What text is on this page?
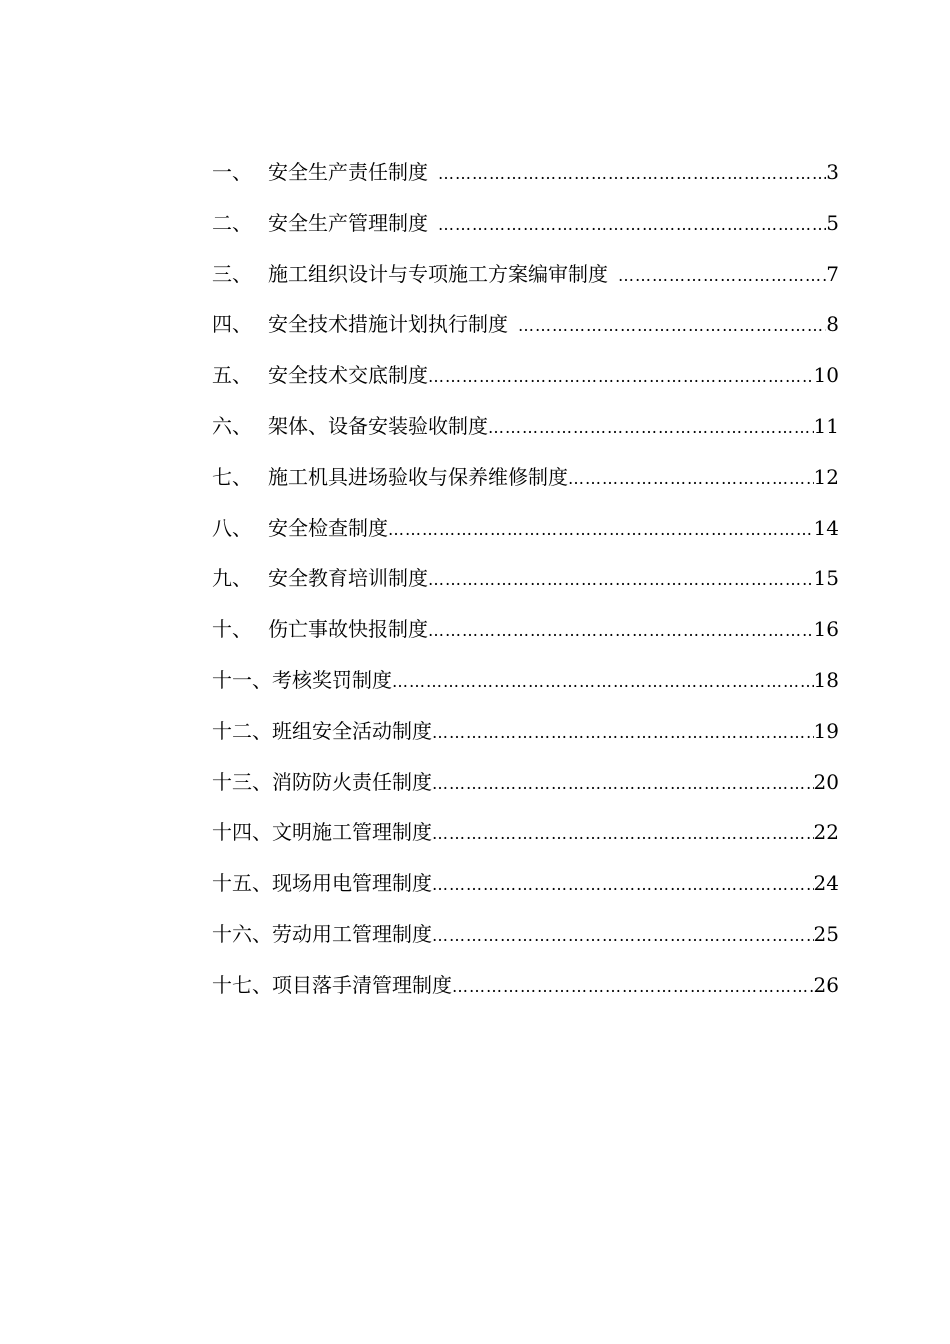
一、 安全生产责任制度 …………………………………………………………………………………………………………	3
二、 安全生产管理制度 …………………………………………………………………………………………………………	5
三、 施工组织设计与专项施工方案编审制度 …………………………………………………………………………………………………………	7
四、 安全技术措施计划执行制度 …………………………………………………………………………………………………………	8
五、 安全技术交底制度 …………………………………………………………………………………………………………	10
六、 架体、设备安装验收制度 …………………………………………………………………………………………………………	11
七、 施工机具进场验收与保养维修制度 …………………………………………………………………………………………………………	12
八、 安全检查制度 …………………………………………………………………………………………………………	14
九、 安全教育培训制度 …………………………………………………………………………………………………………	15
十、 伤亡事故快报制度 …………………………………………………………………………………………………………	16
十一、 考核奖罚制度 …………………………………………………………………………………………………………	18
十二、 班组安全活动制度 …………………………………………………………………………………………………………	19
十三、 消防防火责任制度 …………………………………………………………………………………………………………	20
十四、 文明施工管理制度 …………………………………………………………………………………………………………	22
十五、 现场用电管理制度 …………………………………………………………………………………………………………	24
十六、 劳动用工管理制度 …………………………………………………………………………………………………………	25
十七、 项目落手清管理制度 …………………………………………………………………………………………………………	26
